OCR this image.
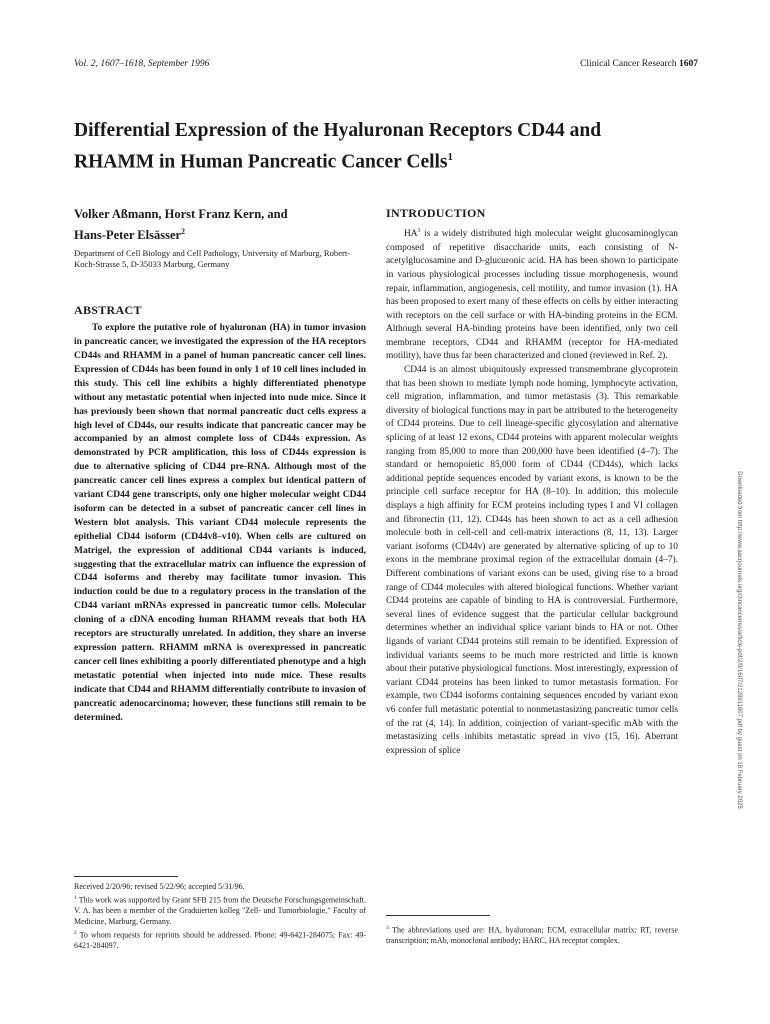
Vol. 2, 1607–1618, September 1996	Clinical Cancer Research 1607
Differential Expression of the Hyaluronan Receptors CD44 and RHAMM in Human Pancreatic Cancer Cells$^1$

Volker Aßmann, Horst Franz Kern, and
Hans-Peter Elsässer$^2$

Department of Cell Biology and Cell Pathology, University of Marburg, Robert-Koch-Strasse 5, D-35033 Marburg, Germany

ABSTRACT

To explore the putative role of hyaluronan (HA) in tumor invasion in pancreatic cancer, we investigated the expression of the HA receptors CD44s and RHAMM in a panel of human pancreatic cancer cell lines. Expression of CD44s has been found in only 1 of 10 cell lines included in this study. This cell line exhibits a highly differentiated phenotype without any metastatic potential when injected into nude mice. Since it has previously been shown that normal pancreatic duct cells express a high level of CD44s, our results indicate that pancreatic cancer may be accompanied by an almost complete loss of CD44s expression. As demonstrated by PCR amplification, this loss of CD44s expression is due to alternative splicing of CD44 pre-RNA. Although most of the pancreatic cancer cell lines express a complex but identical pattern of variant CD44 gene transcripts, only one higher molecular weight CD44 isoform can be detected in a subset of pancreatic cancer cell lines in Western blot analysis. This variant CD44 molecule represents the epithelial CD44 isoform (CD44v8–v10). When cells are cultured on Matrigel, the expression of additional CD44 variants is induced, suggesting that the extracellular matrix can influence the expression of CD44 isoforms and thereby may facilitate tumor invasion. This induction could be due to a regulatory process in the translation of the CD44 variant mRNAs expressed in pancreatic tumor cells. Molecular cloning of a cDNA encoding human RHAMM reveals that both HA receptors are structurally unrelated. In addition, they share an inverse expression pattern. RHAMM mRNA is overexpressed in pancreatic cancer cell lines exhibiting a poorly differentiated phenotype and a high metastatic potential when injected into nude mice. These results indicate that CD44 and RHAMM differentially contribute to invasion of pancreatic adenocarcinoma; however, these functions still remain to be determined.

INTRODUCTION

$HA^3$ is a widely distributed high molecular weight glucosaminoglycan composed of repetitive disaccharide units, each consisting of N-acetylglucosamine and D-glucuronic acid. HA has been shown to participate in various physiological processes including tissue morphogenesis, wound repair, inflammation, angiogenesis, cell motility, and tumor invasion (1). HA has been proposed to exert many of these effects on cells by either interacting with receptors on the cell surface or with HA-binding proteins in the ECM. Although several HA-binding proteins have been identified, only two cell membrane receptors, CD44 and RHAMM (receptor for HA-mediated motility), have thus far been characterized and cloned (reviewed in Ref. 2).

CD44 is an almost ubiquitously expressed transmembrane glycoprotein that has been shown to mediate lymph node homing, lymphocyte activation, cell migration, inflammation, and tumor metastasis (3). This remarkable diversity of biological functions may in part be attributed to the heterogeneity of CD44 proteins. Due to cell lineage-specific glycosylation and alternative splicing of at least 12 exons, CD44 proteins with apparent molecular weights ranging from 85,000 to more than 200,000 have been identified (4–7). The standard or hemopoietic 85,000 form of CD44 (CD44s), which lacks additional peptide sequences encoded by variant exons, is known to be the principle cell surface receptor for HA (8–10). In addition, this molecule displays a high affinity for ECM proteins including types I and VI collagen and fibronectin (11, 12). CD44s has been shown to act as a cell adhesion molecule both in cell-cell and cell-matrix interactions (8, 11, 13). Larger variant isoforms (CD44v) are generated by alternative splicing of up to 10 exons in the membrane proximal region of the extracellular domain (4–7). Different combinations of variant exons can be used, giving rise to a broad range of CD44 molecules with altered biological functions. Whether variant CD44 proteins are capable of binding to HA is controversial. Furthermore, several lines of evidence suggest that the particular cellular background determines whether an individual splice variant binds to HA or not. Other ligands of variant CD44 proteins still remain to be identified. Expression of individual variants seems to be much more restricted and little is known about their putative physiological functions. Most interestingly, expression of variant CD44 proteins has been linked to tumor metastasis formation. For example, two CD44 isoforms containing sequences encoded by variant exon v6 confer full metastatic potential to nonmetastasizing pancreatic tumor cells of the rat (4, 14). In addition, coinjection of variant-specific mAb with the metastasizing cells inhibits metastatic spread in vivo (15, 16). Aberrant expression of splice

Received 2/20/96; revised 5/22/96; accepted 5/31/96.

$^1$ This work was supported by Grant SFB 215 from the Deutsche Forschungsgemeinschaft. V. A. has been a member of the Graduierten kolleg "Zell- und Tumorbiologie," Faculty of Medicine, Marburg, Germany.

$^2$ To whom requests for reprints should be addressed. Phone: 49-6421-284075; Fax: 49-6421-284097.

$^3$ The abbreviations used are: HA, hyaluronan; ECM, extracellular matrix; RT, reverse transcription; mAb, monoclonal antibody; HARC, HA receptor complex.

Downloaded from http://www.aacrjournals.org/clincancerres/article-pdf/2/9/1607/2128911607.pdf by guest on 18 February 2025
